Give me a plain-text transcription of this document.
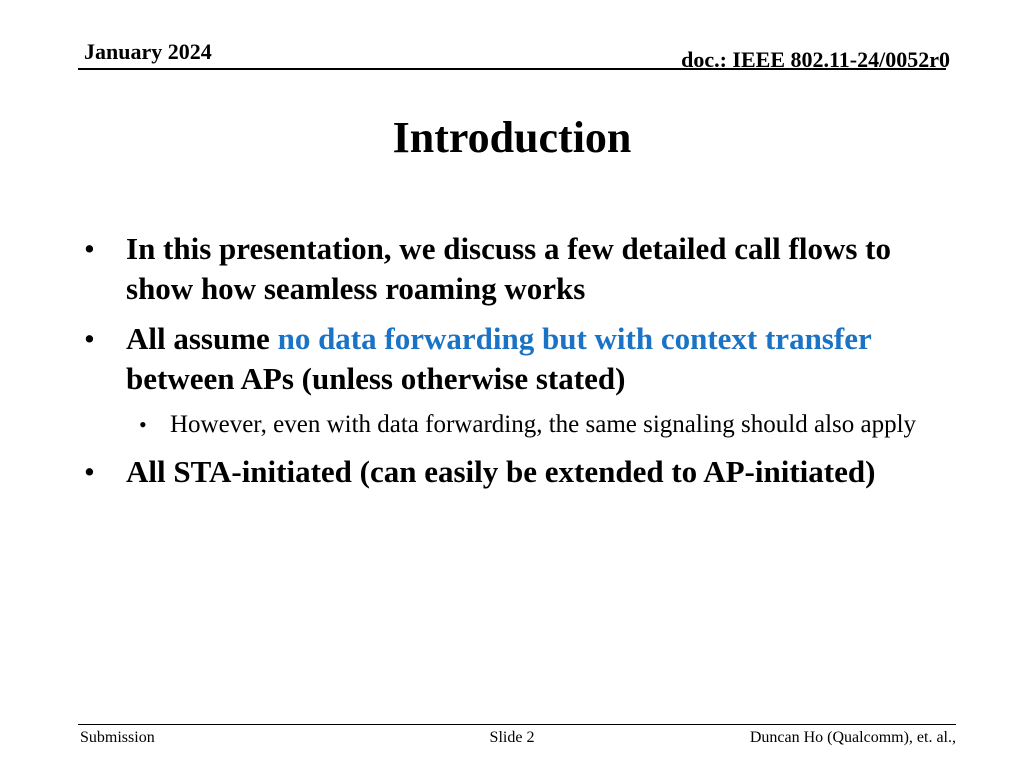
January 2024	doc.: IEEE 802.11-24/0052r0
Introduction
• In this presentation, we discuss a few detailed call flows to show how seamless roaming works
• All assume no data forwarding but with context transfer between APs (unless otherwise stated)
• However, even with data forwarding, the same signaling should also apply
• All STA-initiated (can easily be extended to AP-initiated)
Submission	Slide 2	Duncan Ho (Qualcomm), et. al.,
